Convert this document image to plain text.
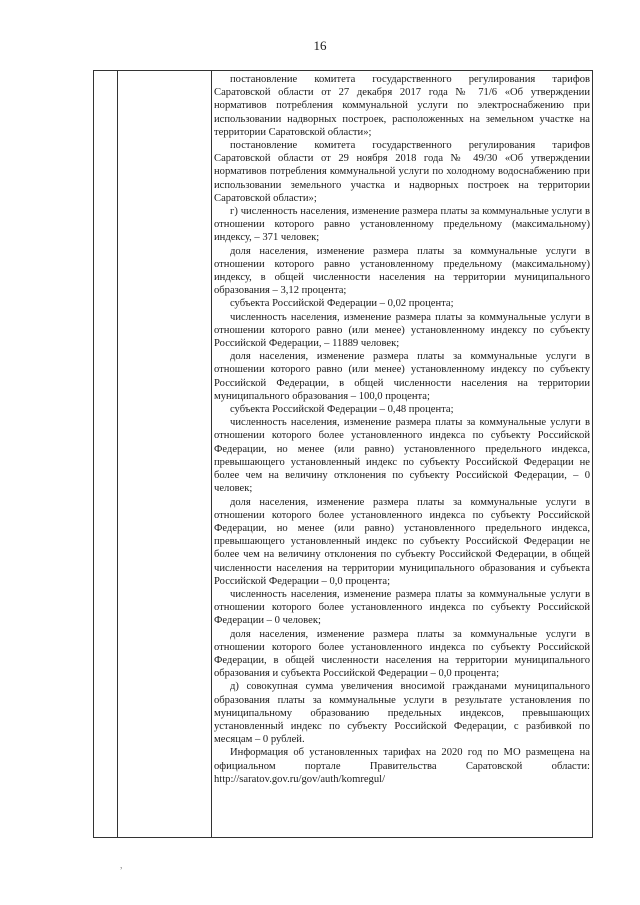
16

постановление комитета государственного регулирования тарифов Саратовской области от 27 декабря 2017 года № 71/6 «Об утверждении нормативов потребления коммунальной услуги по электроснабжению при использовании надворных построек, расположенных на земельном участке на территории Саратовской области»;

постановление комитета государственного регулирования тарифов Саратовской области от 29 ноября 2018 года № 49/30 «Об утверждении нормативов потребления коммунальной услуги по холодному водоснабжению при использовании земельного участка и надворных построек на территории Саратовской области»;

г) численность населения, изменение размера платы за коммунальные услуги в отношении которого равно установленному предельному (максимальному) индексу, – 371 человек;

доля населения, изменение размера платы за коммунальные услуги в отношении которого равно установленному предельному (максимальному) индексу, в общей численности населения на территории муниципального образования – 3,12 процента;

субъекта Российской Федерации – 0,02 процента;

численность населения, изменение размера платы за коммунальные услуги в отношении которого равно (или менее) установленному индексу по субъекту Российской Федерации, – 11889 человек;

доля населения, изменение размера платы за коммунальные услуги в отношении которого равно (или менее) установленному индексу по субъекту Российской Федерации, в общей численности населения на территории муниципального образования – 100,0 процента;

субъекта Российской Федерации – 0,48 процента;

численность населения, изменение размера платы за коммунальные услуги в отношении которого более установленного индекса по субъекту Российской Федерации, но менее (или равно) установленного предельного индекса, превышающего установленный индекс по субъекту Российской Федерации не более чем на величину отклонения по субъекту Российской Федерации, – 0 человек;

доля населения, изменение размера платы за коммунальные услуги в отношении которого более установленного индекса по субъекту Российской Федерации, но менее (или равно) установленного предельного индекса, превышающего установленный индекс по субъекту Российской Федерации не более чем на величину отклонения по субъекту Российской Федерации, в общей численности населения на территории муниципального образования и субъекта Российской Федерации – 0,0 процента;

численность населения, изменение размера платы за коммунальные услуги в отношении которого более установленного индекса по субъекту Российской Федерации – 0 человек;

доля населения, изменение размера платы за коммунальные услуги в отношении которого более установленного индекса по субъекту Российской Федерации, в общей численности населения на территории муниципального образования и субъекта Российской Федерации – 0,0 процента;

д) совокупная сумма увеличения вносимой гражданами муниципального образования платы за коммунальные услуги в результате установления по муниципальному образованию предельных индексов, превышающих установленный индекс по субъекту Российской Федерации, с разбивкой по месяцам – 0 рублей.

Информация об установленных тарифах на 2020 год по МО размещена на официальном портале Правительства Саратовской области: http://saratov.gov.ru/gov/auth/komregul/

,
